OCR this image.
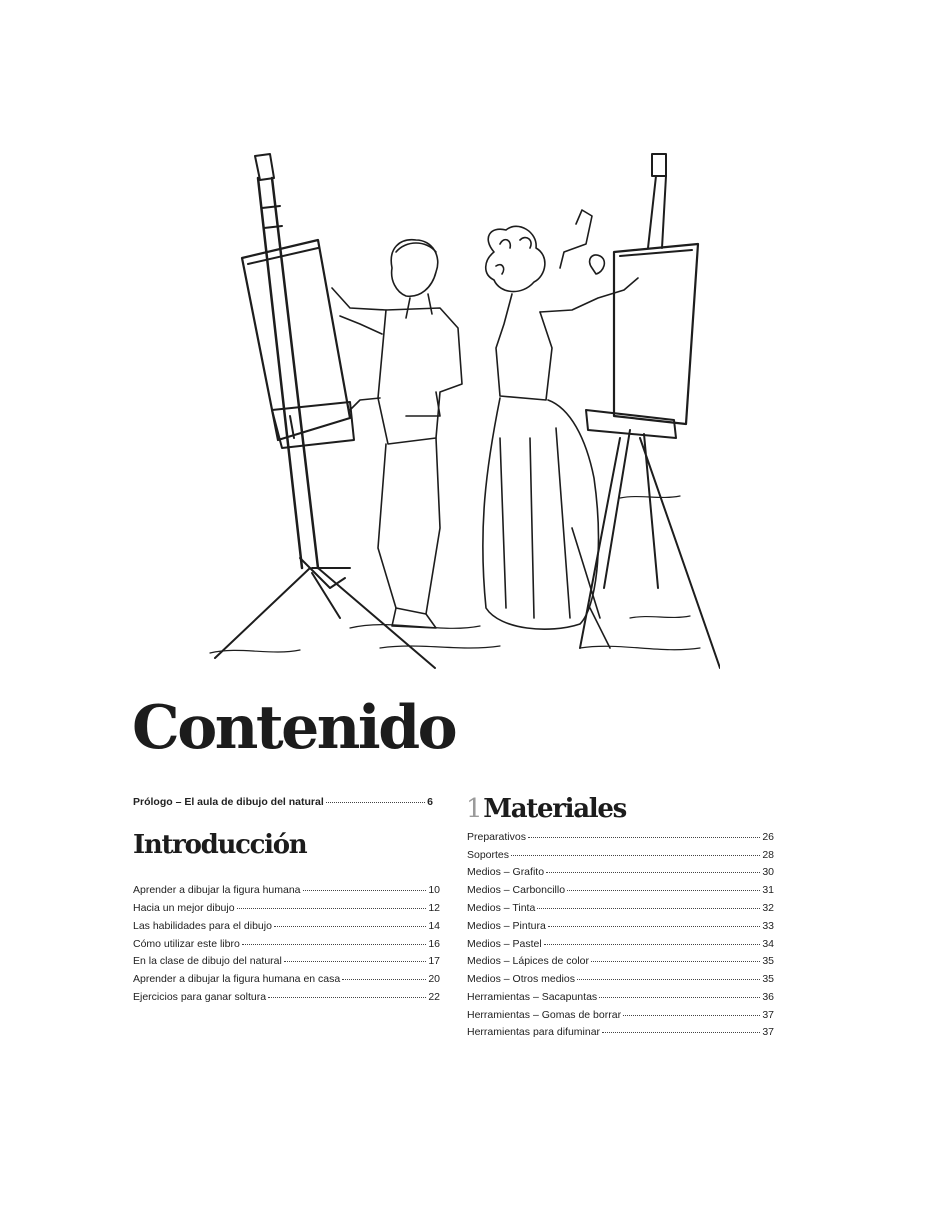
Contenido
Prólogo – El aula de dibujo del natural	6
Introducción
Aprender a dibujar la figura humana	10
Hacia un mejor dibujo	12
Las habilidades para el dibujo	14
Cómo utilizar este libro	16
En la clase de dibujo del natural	17
Aprender a dibujar la figura humana en casa	20
Ejercicios para ganar soltura	22
1Materiales
Preparativos	26
Soportes	28
Medios – Grafito	30
Medios – Carboncillo	31
Medios – Tinta	32
Medios – Pintura	33
Medios – Pastel	34
Medios – Lápices de color	35
Medios – Otros medios	35
Herramientas – Sacapuntas	36
Herramientas – Gomas de borrar	37
Herramientas para difuminar	37
